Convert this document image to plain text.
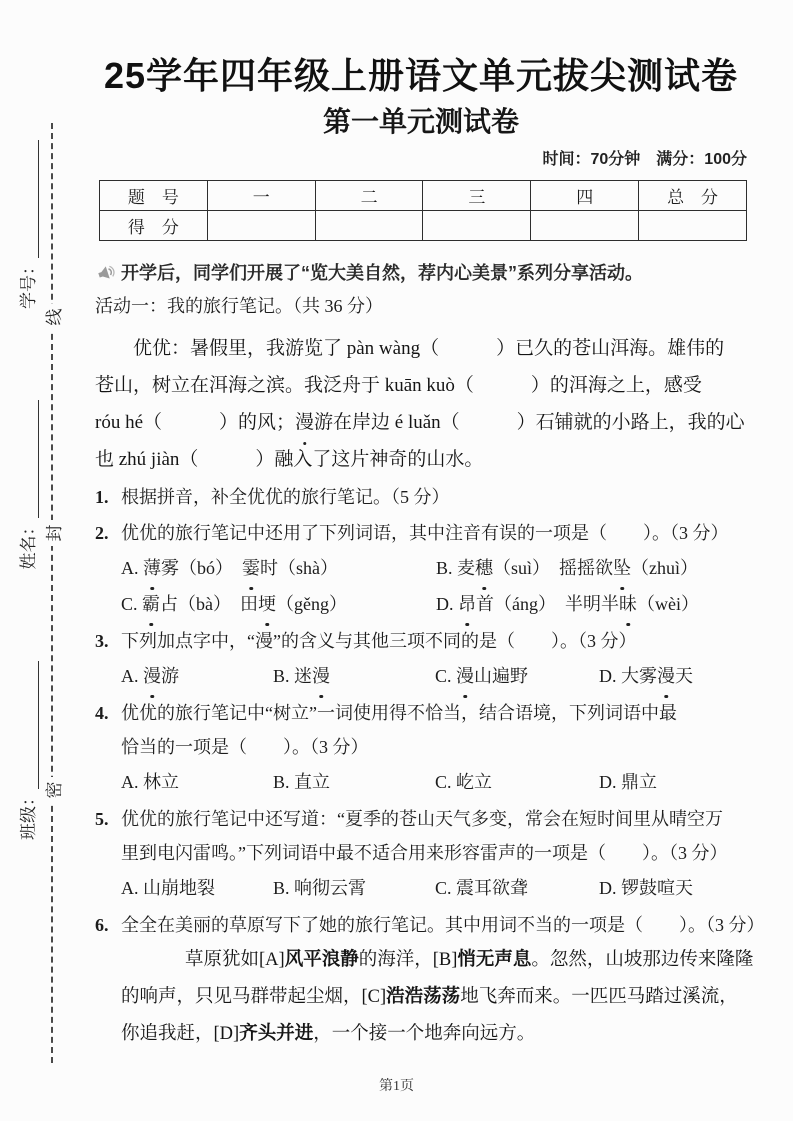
线
封
密
班级：
姓名：
学号：
25学年四年级上册语文单元拔尖测试卷
第一单元测试卷
时间：70分钟　满分：100分
题　号	一	二	三	四	总　分
得　分					
开学后，同学们开展了“览大美自然，荐内心美景”系列分享活动。
活动一：我的旅行笔记。（共 36 分）
优优：暑假里，我游览了 pàn wàng（　　　）已久的苍山洱海。雄伟的
苍山，树立在洱海之滨。我泛舟于 kuān kuò（　　　）的洱海之上，感受
róu hé（　　　）的风；漫游在岸边 é luǎn（　　　）石铺就的小路上，我的心
也 zhú jiàn（　　　）融入了这片神奇的山水。
1. 根据拼音，补全优优的旅行笔记。（5 分）
2. 优优的旅行笔记中还用了下列词语，其中注音有误的一项是（　　）。（3 分）
A. 薄雾（bó）　霎时（shà）	B. 麦穗（suì）　摇摇欲坠（zhuì）
C. 霸占（bà）　田埂（gěng）	D. 昂首（áng）　半明半昧（wèi）
3. 下列加点字中，“漫”的含义与其他三项不同的是（　　）。（3 分）
A. 漫游	B. 迷漫	C. 漫山遍野	D. 大雾漫天
4. 优优的旅行笔记中“树立”一词使用得不恰当，结合语境，下列词语中最
恰当的一项是（　　）。（3 分）
A. 林立	B. 直立	C. 屹立	D. 鼎立
5. 优优的旅行笔记中还写道：“夏季的苍山天气多变，常会在短时间里从晴空万
里到电闪雷鸣。”下列词语中最不适合用来形容雷声的一项是（　　）。（3 分）
A. 山崩地裂	B. 响彻云霄	C. 震耳欲聋	D. 锣鼓喧天
6. 全全在美丽的草原写下了她的旅行笔记。其中用词不当的一项是（　　）。（3 分）
草原犹如[A]风平浪静的海洋，[B]悄无声息。忽然，山坡那边传来隆隆
的响声，只见马群带起尘烟，[C]浩浩荡荡地飞奔而来。一匹匹马踏过溪流，
你追我赶，[D]齐头并进，一个接一个地奔向远方。
第1页
